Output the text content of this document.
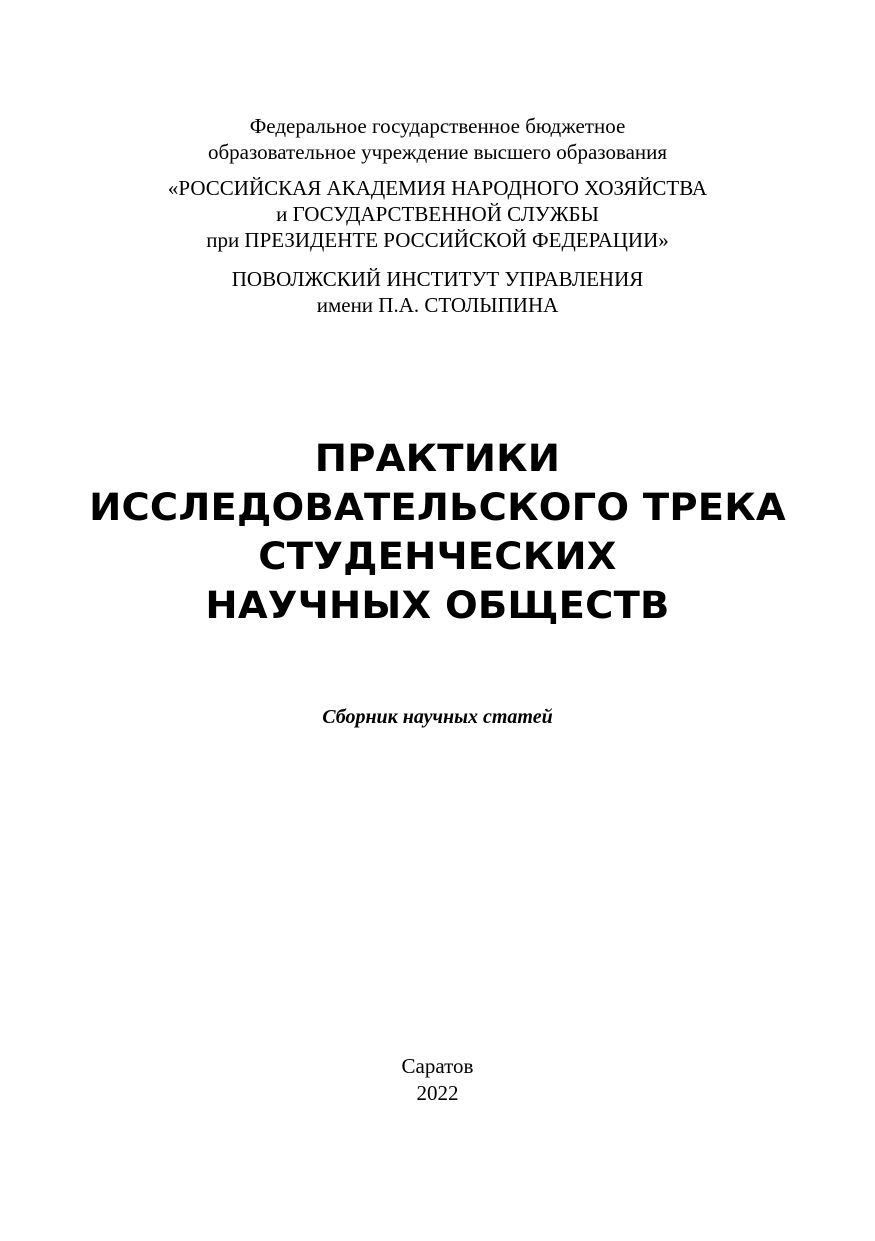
Федеральное государственное бюджетное
образовательное учреждение высшего образования
«РОССИЙСКАЯ АКАДЕМИЯ НАРОДНОГО ХОЗЯЙСТВА
и ГОСУДАРСТВЕННОЙ СЛУЖБЫ
при ПРЕЗИДЕНТЕ РОССИЙСКОЙ ФЕДЕРАЦИИ»
ПОВОЛЖСКИЙ ИНСТИТУТ УПРАВЛЕНИЯ
имени П.А. СТОЛЫПИНА
ПРАКТИКИ
ИССЛЕДОВАТЕЛЬСКОГО ТРЕКА
СТУДЕНЧЕСКИХ
НАУЧНЫХ ОБЩЕСТВ
Сборник научных статей
Саратов
2022
